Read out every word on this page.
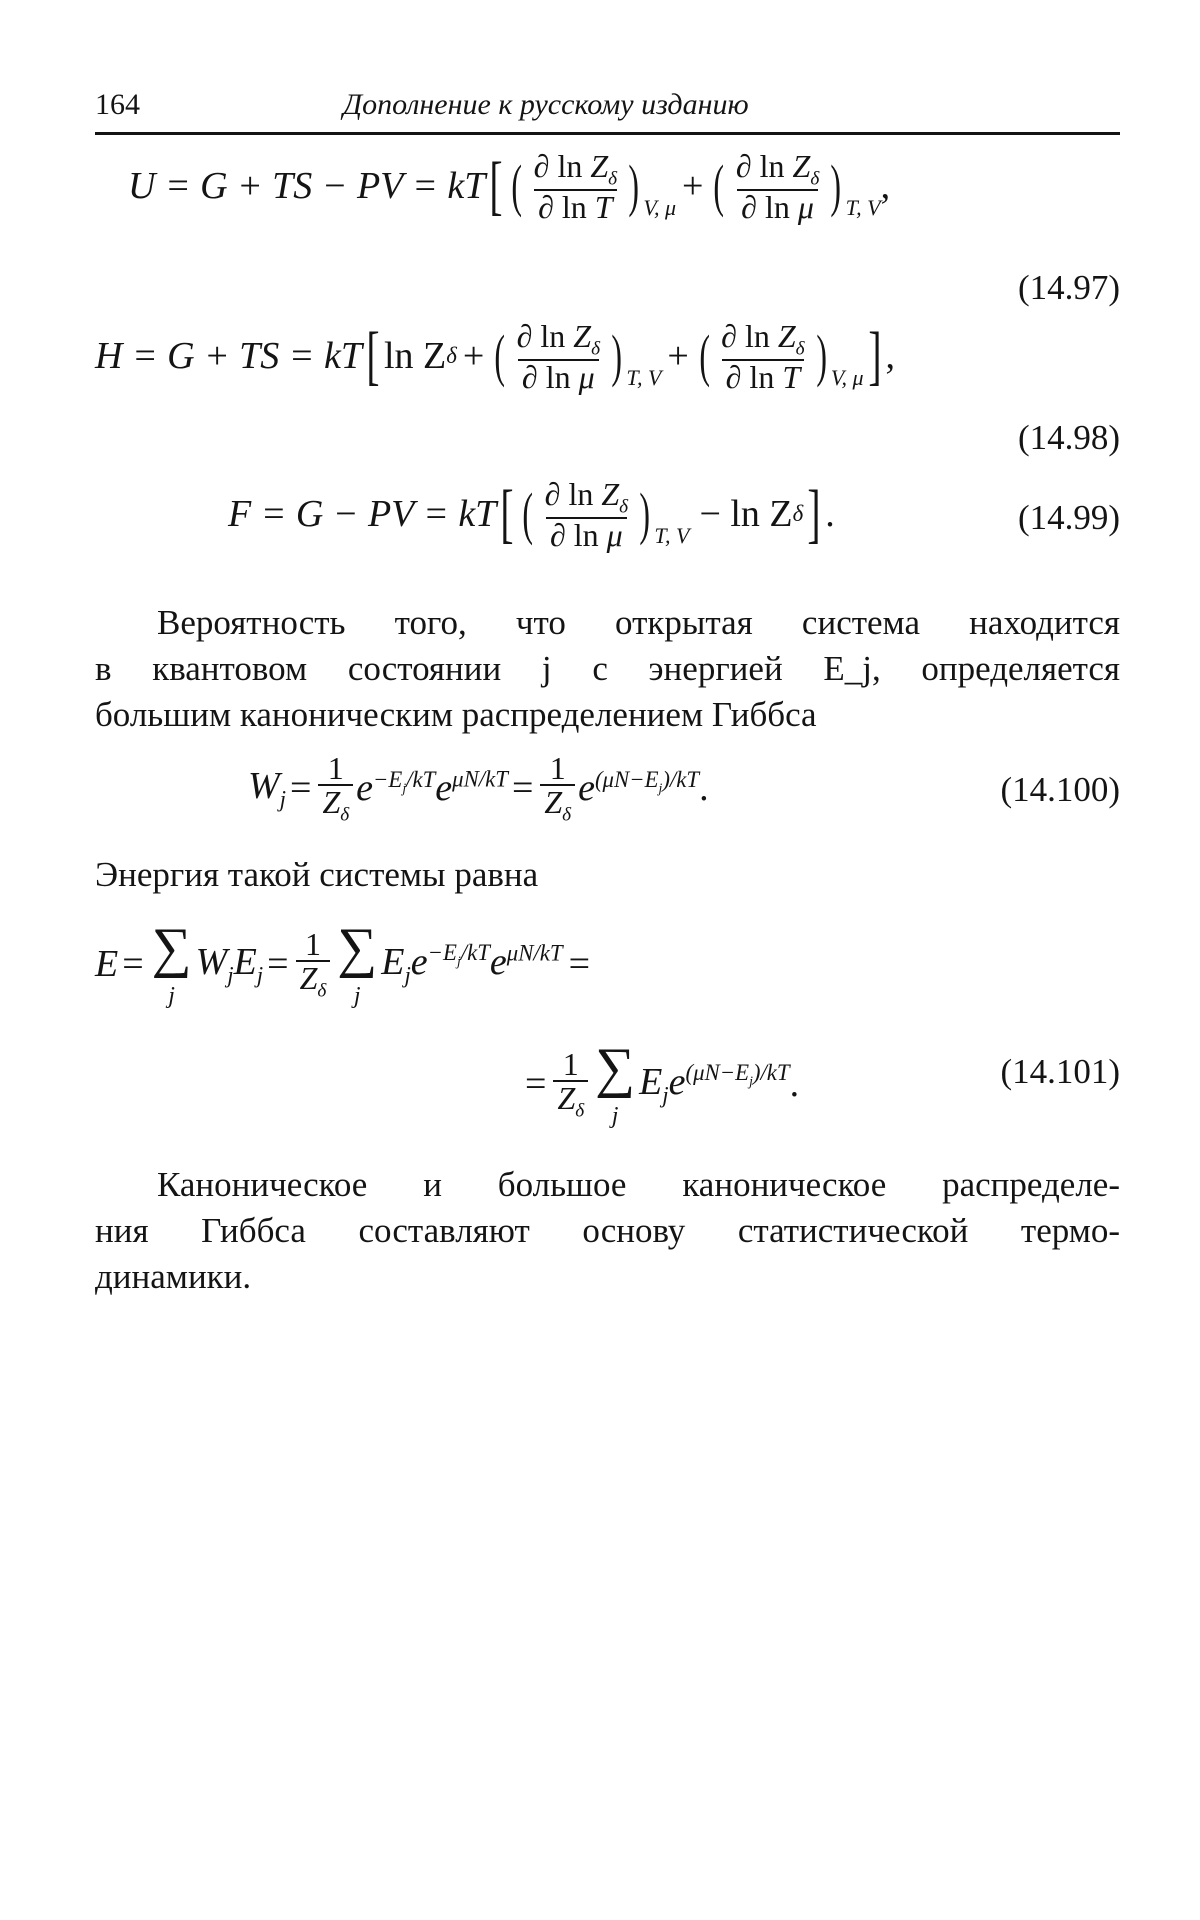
164	Дополнение к русскому изданию
U = G + TS − PV = kT [ ( $\frac{\partial \ln Z_\delta}{\text{∂ ln T}}$ ) V, μ + ( $\frac{\partial \ln Z_\delta}{\text{∂ ln μ}}$ ) T, V ,
(14.97)
H = G + TS = kT [ ln Z δ + ( $\frac{\partial \ln Z_\delta}{\text{∂ ln μ}}$ ) T, V + ( $\frac{\partial \ln Z_\delta}{\text{∂ ln T}}$ ) V, μ ] ,
(14.98)
F = G − PV = kT [ ( $\frac{\partial \ln Z_\delta}{\text{∂ ln μ}}$ ) T, V − ln Z δ ] .	(14.99)
Вероятность того, что открытая система находится
в квантовом состоянии j с энергией E_j, определяется
большим каноническим распределением Гиббса
$W_j = \frac{1}{Z_\delta} e^{-E_j/kT}e^{\mu N/kT} = \frac{1}{Z_\delta} e^{(\mu N-E_j)/kT}$ .	(14.100)
Энергия такой системы равна
E = ∑
j
$W_jE_j = \frac{1}{Z_\delta}$ ∑
j
$E_je^{-E_j/kT}e^{\mu N/kT}$ =
= $\frac{1}{Z_\delta}$ ∑
j
$E_je^{(\mu N-E_j)/kT}$ .	(14.101)
Каноническое и большое каноническое распределе-
ния Гиббса составляют основу статистической термо-
динамики.
